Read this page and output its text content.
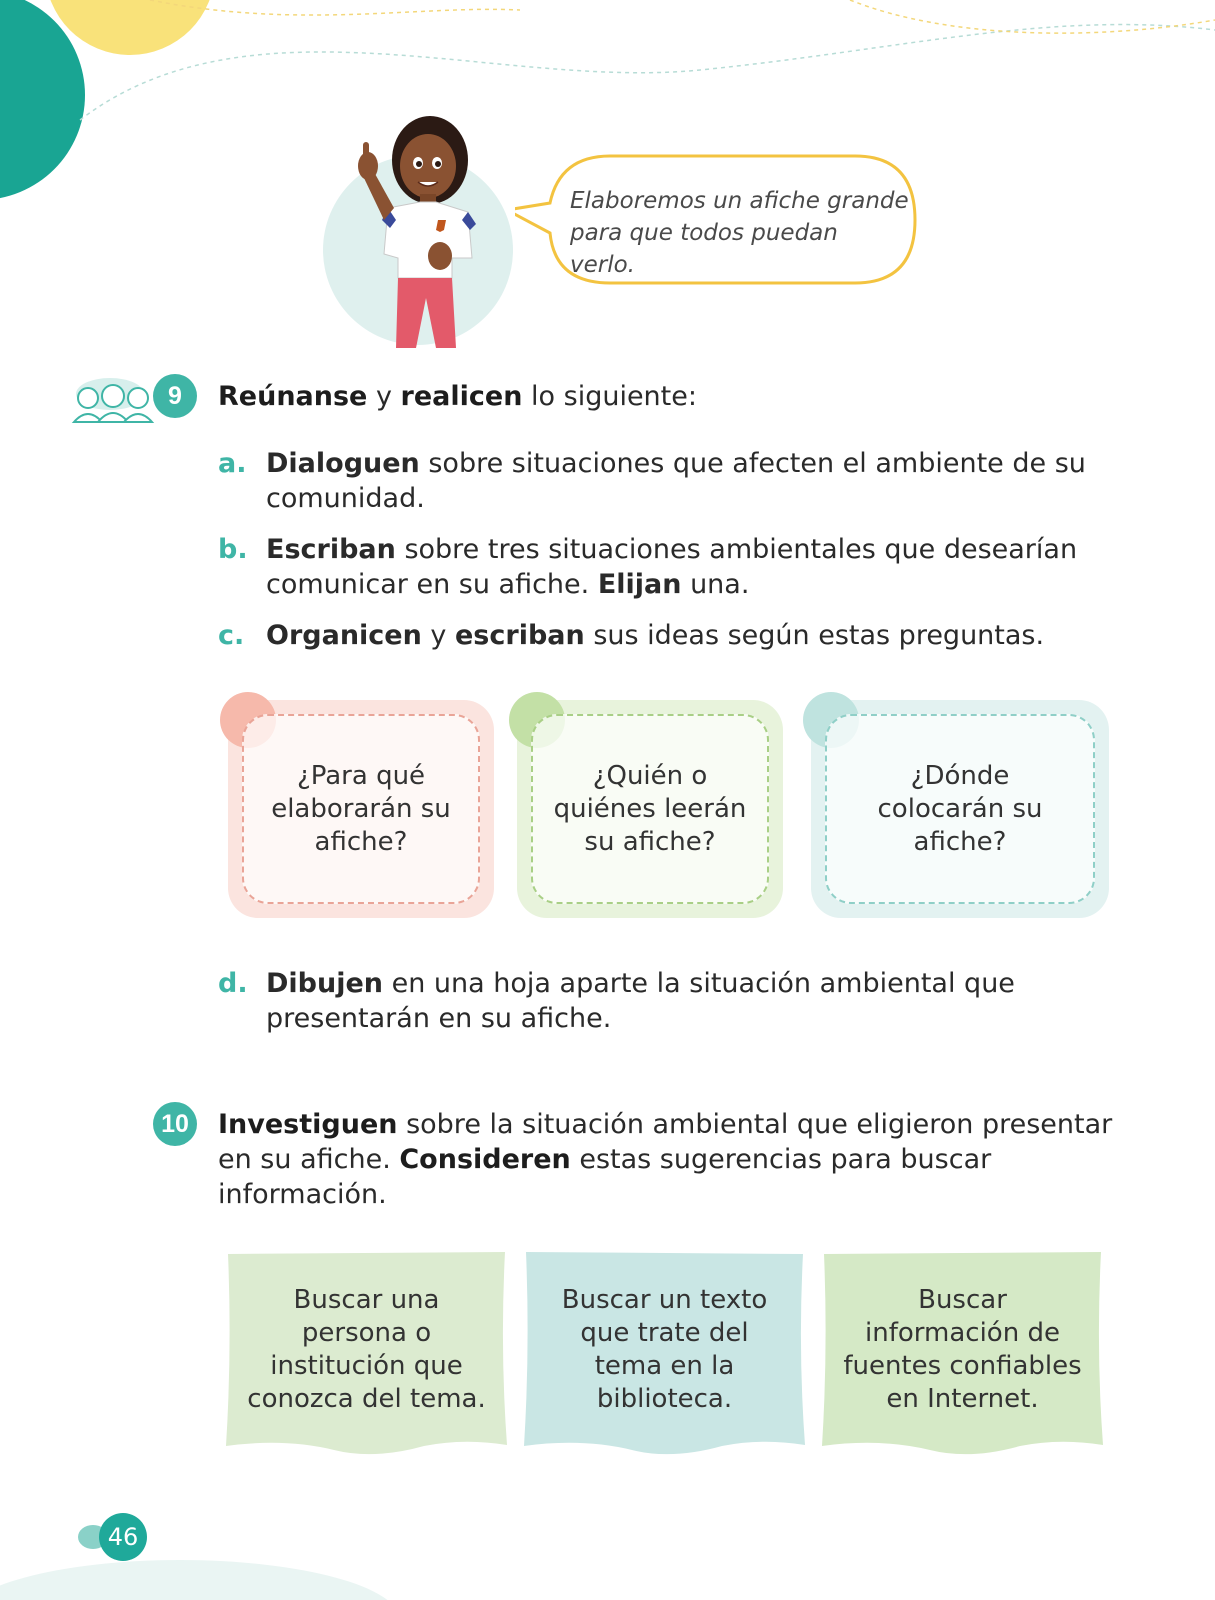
Elaboremos un afiche grande
para que todos puedan verlo.
9	Reúnanse y realicen lo siguiente:
a. Dialoguen sobre situaciones que afecten el ambiente de su comunidad.
b. Escriban sobre tres situaciones ambientales que desearían comunicar en su afiche. Elijan una.
c. Organicen y escriban sus ideas según estas preguntas.
¿Para qué elaborarán su afiche?
¿Quién o quiénes leerán su afiche?
¿Dónde colocarán su afiche?
d. Dibujen en una hoja aparte la situación ambiental que presentarán en su afiche.
10 Investiguen sobre la situación ambiental que eligieron presentar en su afiche. Consideren estas sugerencias para buscar información.
Buscar una persona o institución que conozca del tema.
Buscar un texto que trate del tema en la biblioteca.
Buscar información de fuentes confiables en Internet.
46
